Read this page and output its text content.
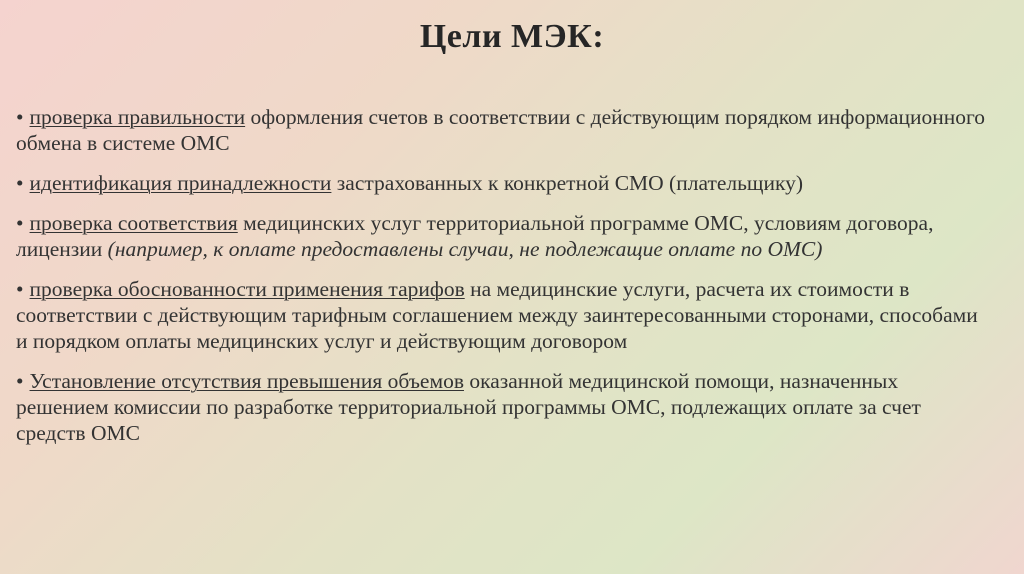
Цели МЭК:
• проверка правильности оформления счетов в соответствии с действующим порядком информационного обмена в системе ОМС
• идентификация принадлежности застрахованных к конкретной СМО (плательщику)
• проверка соответствия медицинских услуг территориальной программе ОМС, условиям договора, лицензии (например, к оплате предоставлены случаи, не подлежащие оплате по ОМС)
• проверка обоснованности применения тарифов на медицинские услуги, расчета их стоимости в соответствии с действующим тарифным соглашением между заинтересованными сторонами, способами и порядком оплаты медицинских услуг и действующим договором
• Установление отсутствия превышения объемов оказанной медицинской помощи, назначенных решением комиссии по разработке территориальной программы ОМС, подлежащих оплате за счет средств ОМС
